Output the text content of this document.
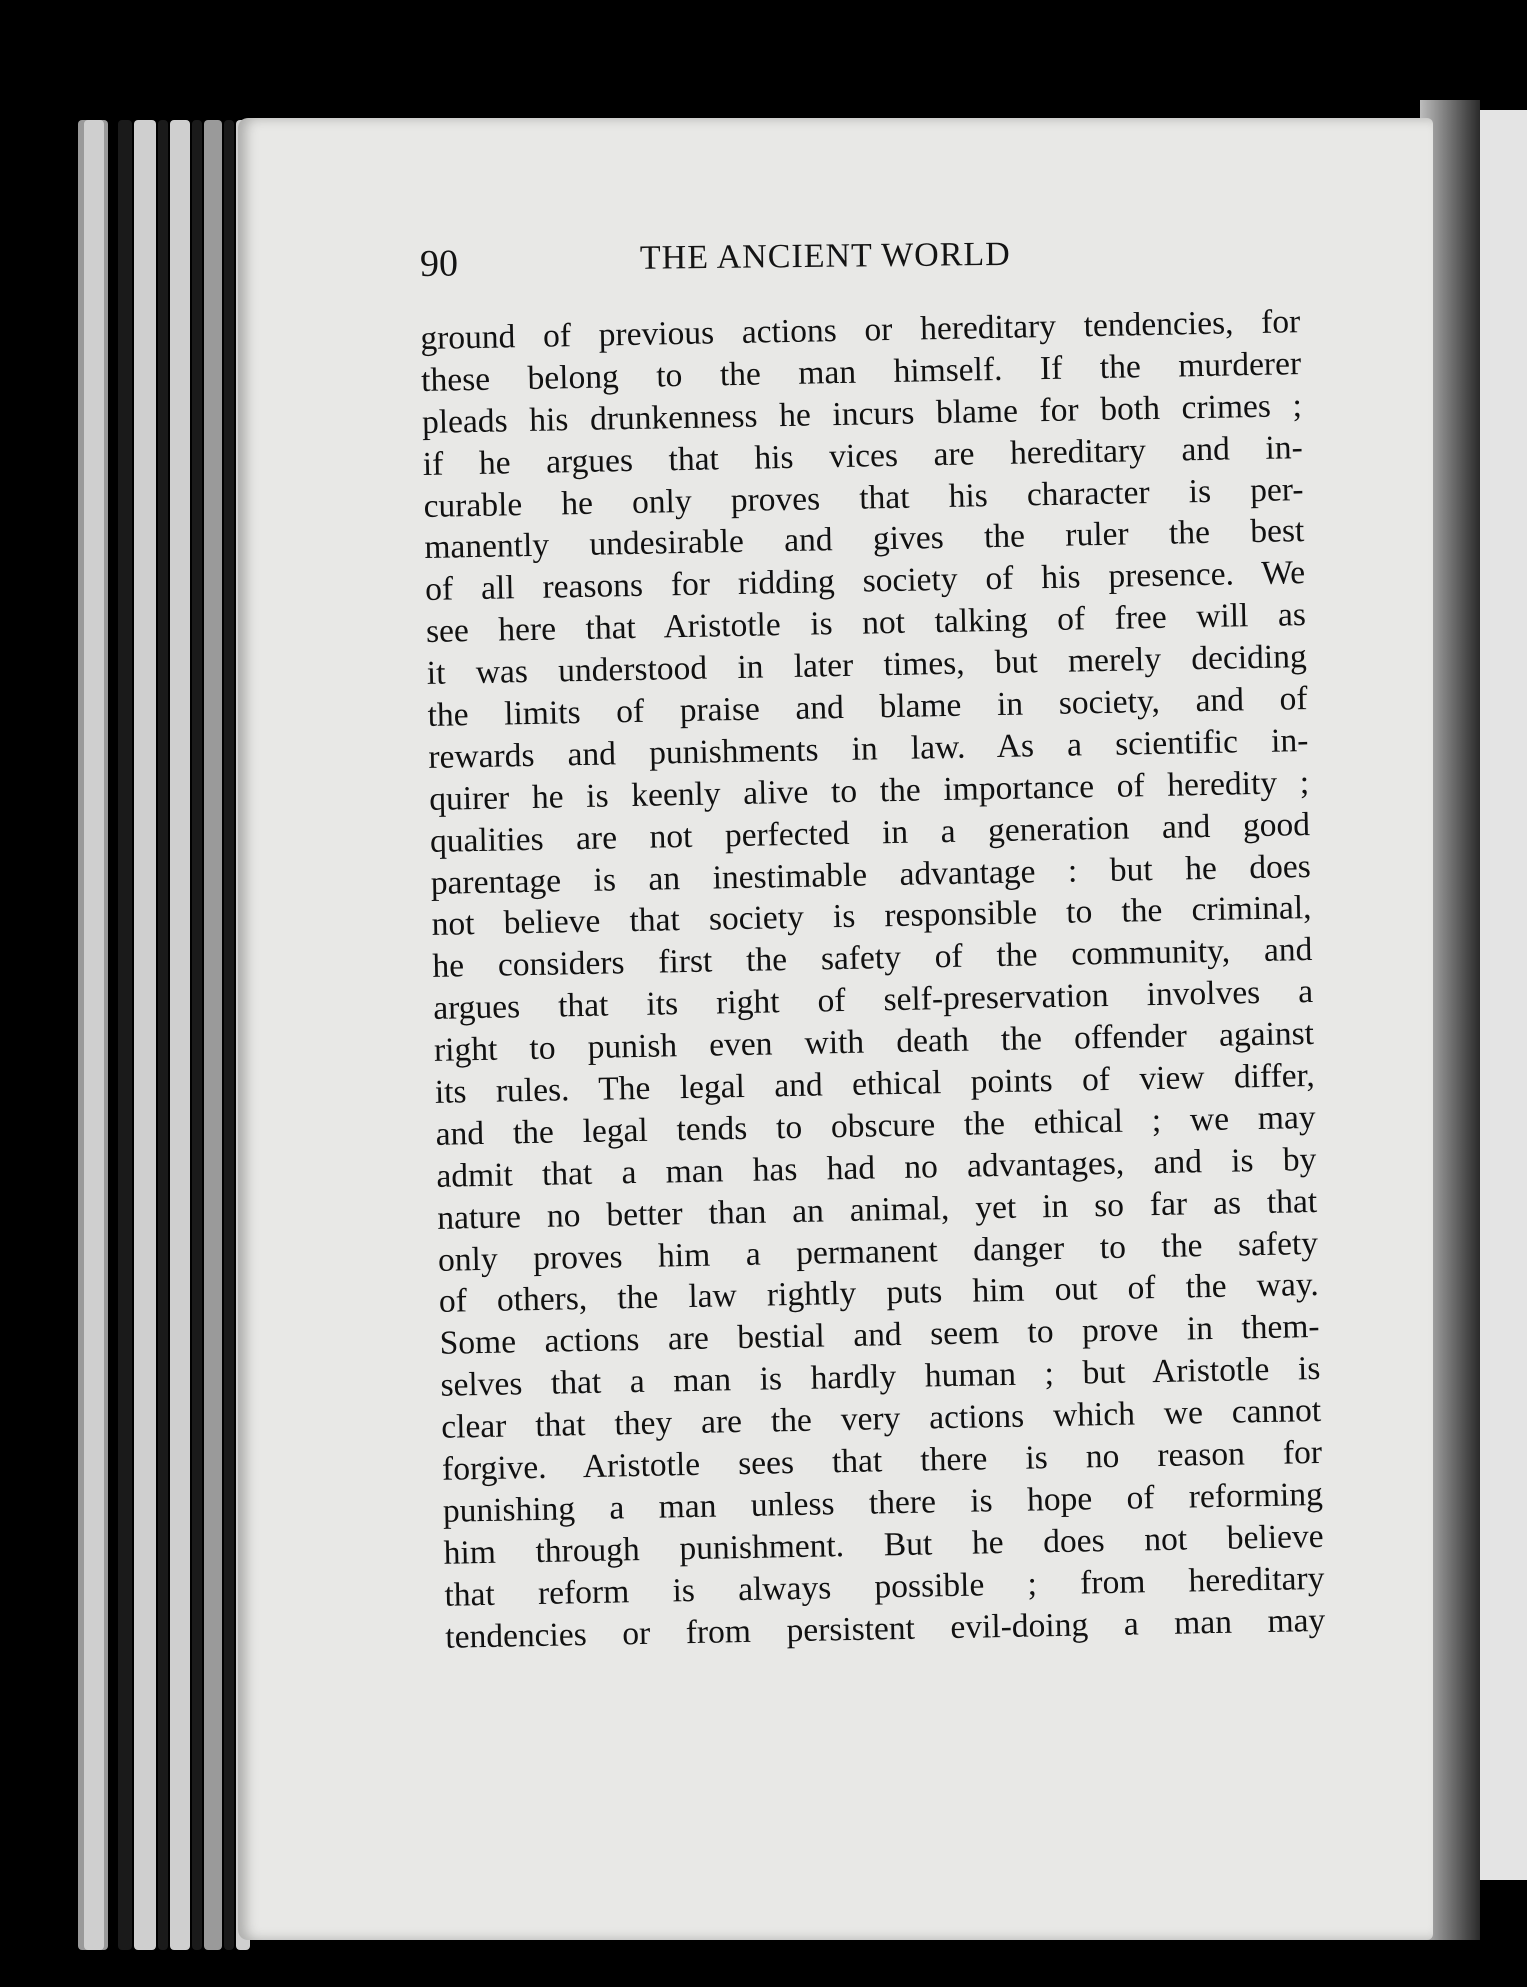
90	THE ANCIENT WORLD
ground of previous actions or hereditary tendencies, for
these belong to the man himself. If the murderer
pleads his drunkenness he incurs blame for both crimes ;
if he argues that his vices are hereditary and in-
curable he only proves that his character is per-
manently undesirable and gives the ruler the best
of all reasons for ridding society of his presence. We
see here that Aristotle is not talking of free will as
it was understood in later times, but merely deciding
the limits of praise and blame in society, and of
rewards and punishments in law. As a scientific in-
quirer he is keenly alive to the importance of heredity ;
qualities are not perfected in a generation and good
parentage is an inestimable advantage : but he does
not believe that society is responsible to the criminal,
he considers first the safety of the community, and
argues that its right of self-preservation involves a
right to punish even with death the offender against
its rules. The legal and ethical points of view differ,
and the legal tends to obscure the ethical ; we may
admit that a man has had no advantages, and is by
nature no better than an animal, yet in so far as that
only proves him a permanent danger to the safety
of others, the law rightly puts him out of the way.
Some actions are bestial and seem to prove in them-
selves that a man is hardly human ; but Aristotle is
clear that they are the very actions which we cannot
forgive. Aristotle sees that there is no reason for
punishing a man unless there is hope of reforming
him through punishment. But he does not believe
that reform is always possible ; from hereditary
tendencies or from persistent evil-doing a man may
